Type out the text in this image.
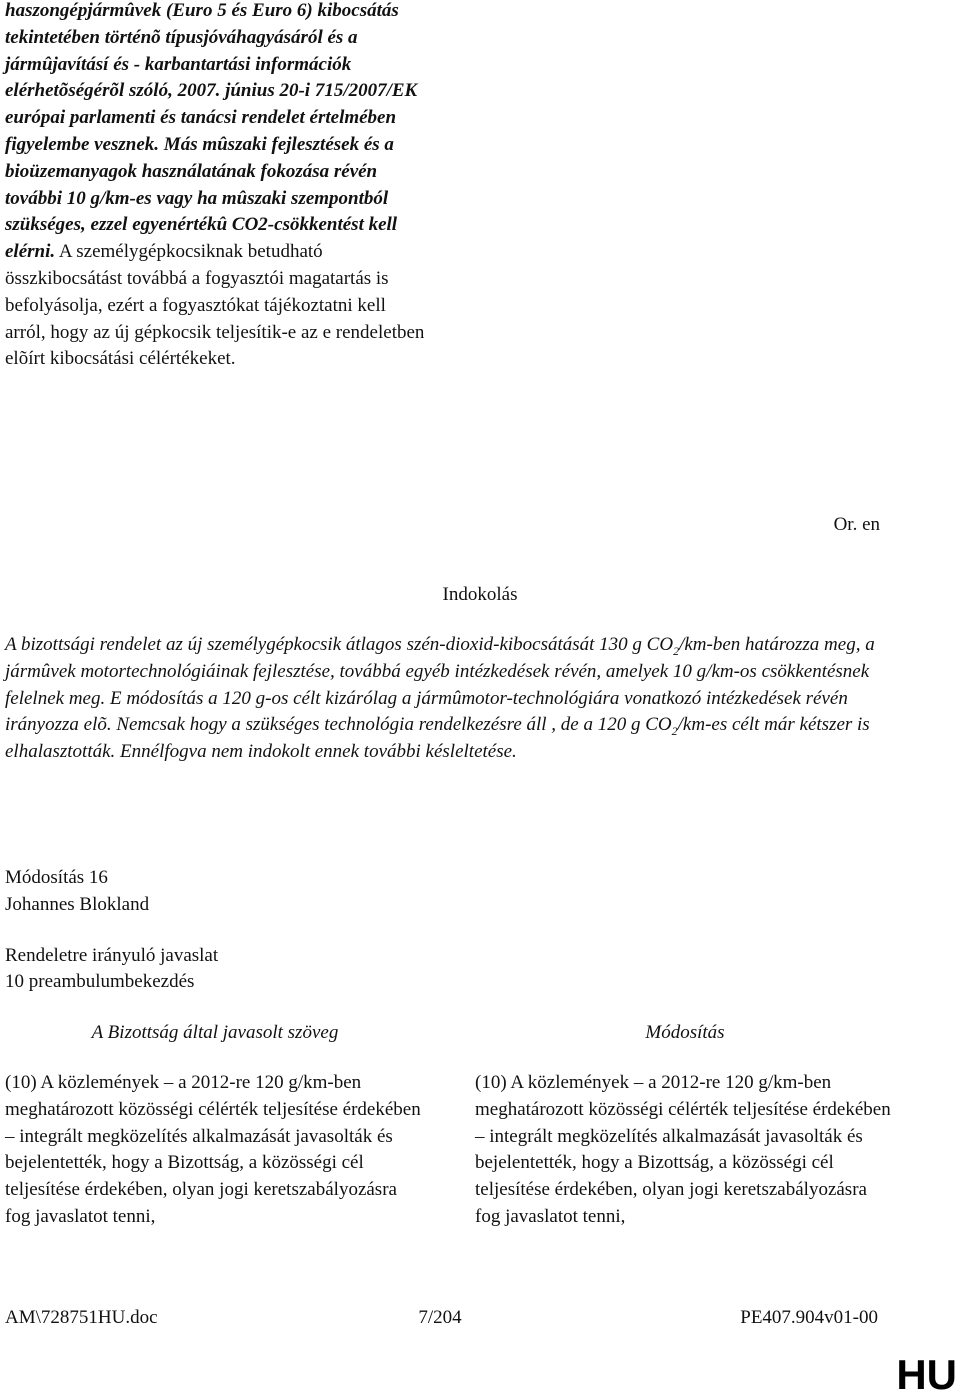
haszongépjármûvek (Euro 5 és Euro 6) kibocsátás tekintetében történõ típusjóváhagyásáról és a jármûjavításí és - karbantartási információk elérhetõségérõl szóló, 2007. június 20-i 715/2007/EK európai parlamenti és tanácsi rendelet értelmében figyelembe vesznek. Más mûszaki fejlesztések és a bioüzemanyagok használatának fokozása révén további 10 g/km-es vagy ha mûszaki szempontból szükséges, ezzel egyenértékû CO2-csökkentést kell elérni. A személygépkocsiknak betudható összkibocsátást továbbá a fogyasztói magatartás is befolyásolja, ezért a fogyasztókat tájékoztatni kell arról, hogy az új gépkocsik teljesítik-e az e rendeletben elõírt kibocsátási célértékeket.

Or. en
Indokolás

A bizottsági rendelet az új személygépkocsik átlagos szén-dioxid-kibocsátását 130 g $CO_2/km$-ben határozza meg, a jármûvek motortechnológiáinak fejlesztése, továbbá egyéb intézkedések révén, amelyek 10 g/km-os csökkentésnek felelnek meg. E módosítás a 120 g-os célt kizárólag a jármûmotor-technológiára vonatkozó intézkedések révén irányozza elõ. Nemcsak hogy a szükséges technológia rendelkezésre áll , de a 120 g $CO_2/km-es$ célt már kétszer is elhalasztották. Ennélfogva nem indokolt ennek további késleltetése.

Módosítás 16
Johannes Blokland
Rendeletre irányuló javaslat
10 preambulumbekezdés
A Bizottság által javasolt szöveg	Módosítás
(10) A közlemények – a 2012-re 120 g/km-ben meghatározott közösségi célérték teljesítése érdekében – integrált megközelítés alkalmazását javasolták és bejelentették, hogy a Bizottság, a közösségi cél teljesítése érdekében, olyan jogi keretszabályozásra fog javaslatot tenni,
(10) A közlemények – a 2012-re 120 g/km-ben meghatározott közösségi célérték teljesítése érdekében – integrált megközelítés alkalmazását javasolták és bejelentették, hogy a Bizottság, a közösségi cél teljesítése érdekében, olyan jogi keretszabályozásra fog javaslatot tenni,
AM\728751HU.doc	7/204	PE407.904v01-00
HU
